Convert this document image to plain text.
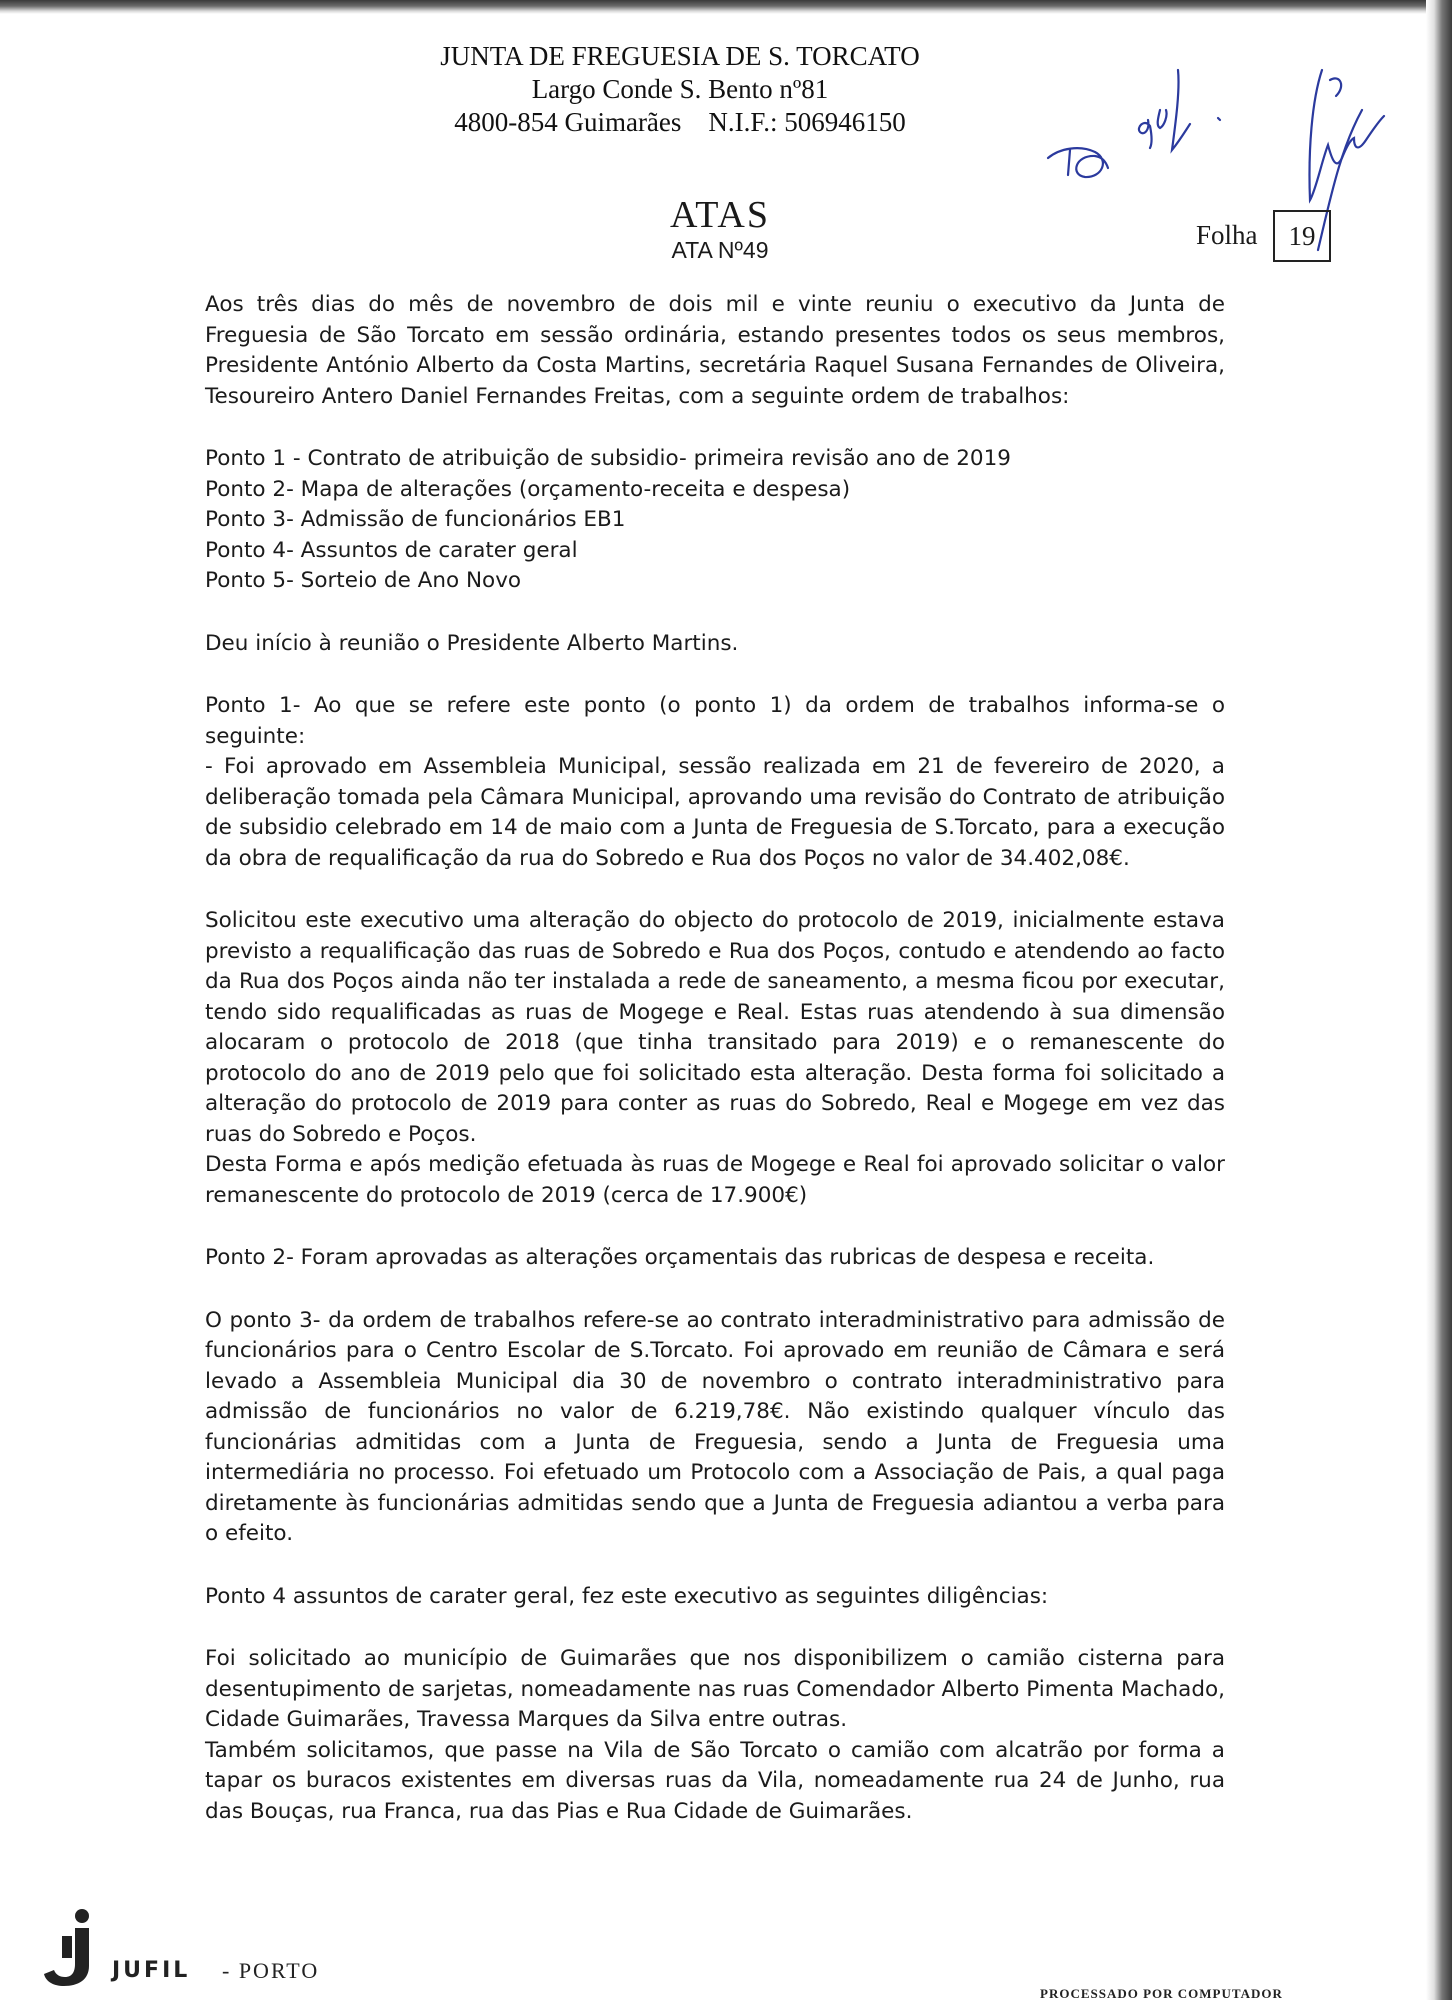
JUNTA DE FREGUESIA DE S. TORCATO
Largo Conde S. Bento nº81
4800-854 Guimarães    N.I.F.: 506946150
ATAS
ATA Nº49	Folha	19

Aos três dias do mês de novembro de dois mil e vinte reuniu o executivo da Junta de Freguesia de São Torcato em sessão ordinária, estando presentes todos os seus membros, Presidente António Alberto da Costa Martins, secretária Raquel Susana Fernandes de Oliveira, Tesoureiro Antero Daniel Fernandes Freitas, com a seguinte ordem de trabalhos:

Ponto 1 - Contrato de atribuição de subsidio- primeira revisão ano de 2019
Ponto 2- Mapa de alterações (orçamento-receita e despesa)
Ponto 3- Admissão de funcionários EB1
Ponto 4- Assuntos de carater geral
Ponto 5- Sorteio de Ano Novo

Deu início à reunião o Presidente Alberto Martins.

Ponto 1- Ao que se refere este ponto (o ponto 1) da ordem de trabalhos informa-se o seguinte:

- Foi aprovado em Assembleia Municipal, sessão realizada em 21 de fevereiro de 2020, a deliberação tomada pela Câmara Municipal, aprovando uma revisão do Contrato de atribuição de subsidio celebrado em 14 de maio com a Junta de Freguesia de S.Torcato, para a execução da obra de requalificação da rua do Sobredo e Rua dos Poços no valor de 34.402,08€.

Solicitou este executivo uma alteração do objecto do protocolo de 2019, inicialmente estava previsto a requalificação das ruas de Sobredo e Rua dos Poços, contudo e atendendo ao facto da Rua dos Poços ainda não ter instalada a rede de saneamento, a mesma ficou por executar, tendo sido requalificadas as ruas de Mogege e Real. Estas ruas atendendo à sua dimensão alocaram o protocolo de 2018 (que tinha transitado para 2019) e o remanescente do protocolo do ano de 2019 pelo que foi solicitado esta alteração. Desta forma foi solicitado a alteração do protocolo de 2019 para conter as ruas do Sobredo, Real e Mogege em vez das ruas do Sobredo e Poços.

Desta Forma e após medição efetuada às ruas de Mogege e Real foi aprovado solicitar o valor remanescente do protocolo de 2019 (cerca de 17.900€)

Ponto 2- Foram aprovadas as alterações orçamentais das rubricas de despesa e receita.

O ponto 3- da ordem de trabalhos refere-se ao contrato interadministrativo para admissão de funcionários para o Centro Escolar de S.Torcato. Foi aprovado em reunião de Câmara e será levado a Assembleia Municipal dia 30 de novembro o contrato interadministrativo para admissão de funcionários no valor de 6.219,78€. Não existindo qualquer vínculo das funcionárias admitidas com a Junta de Freguesia, sendo a Junta de Freguesia uma intermediária no processo. Foi efetuado um Protocolo com a Associação de Pais, a qual paga diretamente às funcionárias admitidas sendo que a Junta de Freguesia adiantou a verba para o efeito.

Ponto 4 assuntos de carater geral, fez este executivo as seguintes diligências:

Foi solicitado ao município de Guimarães que nos disponibilizem o camião cisterna para desentupimento de sarjetas, nomeadamente nas ruas Comendador Alberto Pimenta Machado, Cidade Guimarães, Travessa Marques da Silva entre outras.

Também solicitamos, que passe na Vila de São Torcato o camião com alcatrão por forma a tapar os buracos existentes em diversas ruas da Vila, nomeadamente rua 24 de Junho, rua das Bouças, rua Franca, rua das Pias e Rua Cidade de Guimarães.

JUFIL - PORTO
PROCESSADO POR COMPUTADOR
